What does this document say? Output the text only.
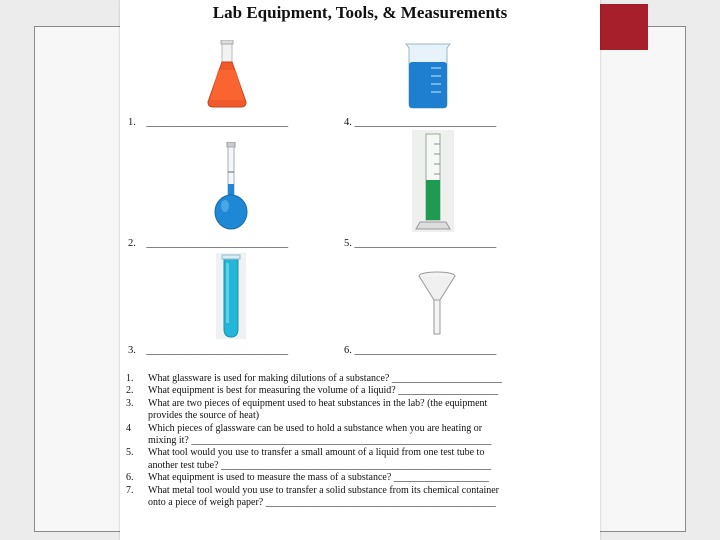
Lab Equipment, Tools, & Measurements
1. ___________________________	4. ___________________________
2. ___________________________	5. ___________________________
3. ___________________________	6. ___________________________
1.	What glassware is used for making dilutions of a substance? ______________________
2.	What equipment is best for measuring the volume of a liquid? ____________________
3.	What are two pieces of equipment used to heat substances in the lab? (the equipment
provides the source of heat)
4	Which pieces of glassware can be used to hold a substance when you are heating or
mixing it? ____________________________________________________________
5.	What tool would you use to transfer a small amount of a liquid from one test tube to
another test tube? ______________________________________________________
6.	What equipment is used to measure the mass of a substance? ___________________
7.	What metal tool would you use to transfer a solid substance from its chemical container
onto a piece of weigh paper? ______________________________________________
